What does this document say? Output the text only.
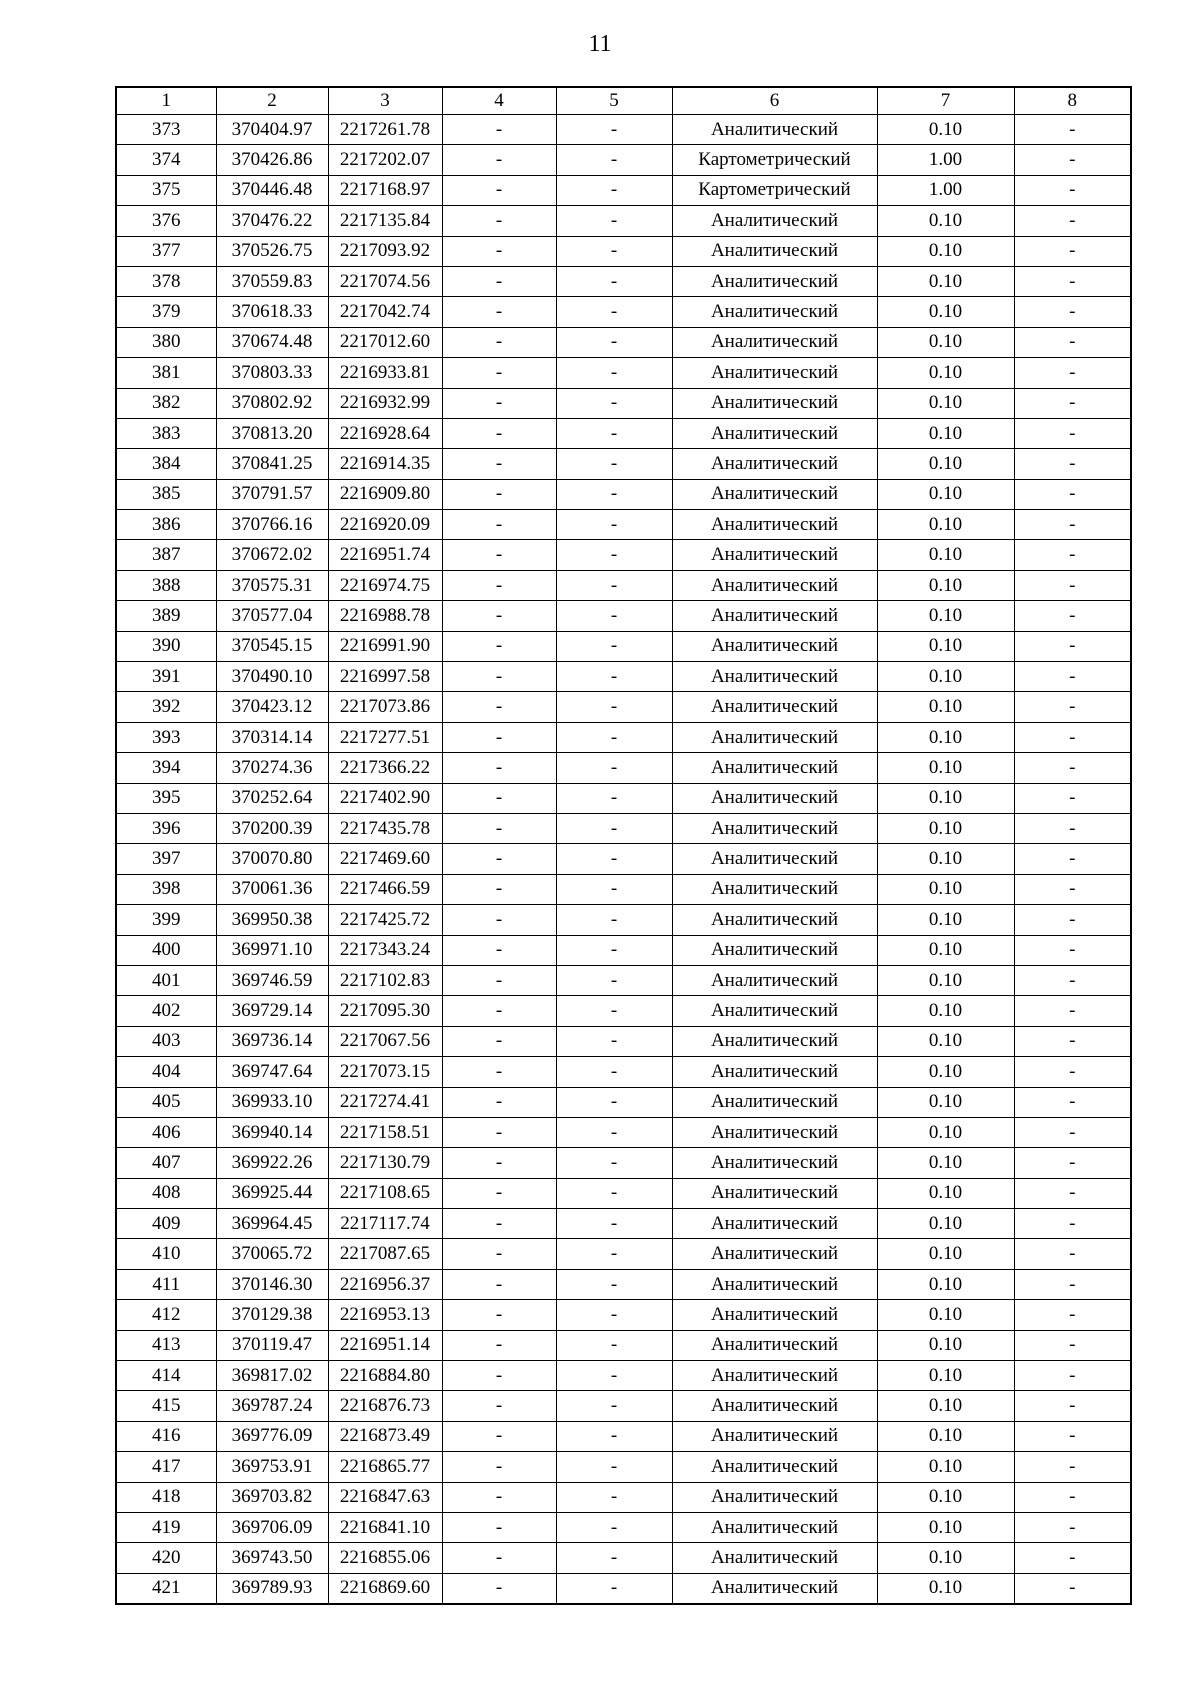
11
1	2	3	4	5	6	7	8
373	370404.97	2217261.78	-	-	Аналитический	0.10	-
374	370426.86	2217202.07	-	-	Картометрический	1.00	-
375	370446.48	2217168.97	-	-	Картометрический	1.00	-
376	370476.22	2217135.84	-	-	Аналитический	0.10	-
377	370526.75	2217093.92	-	-	Аналитический	0.10	-
378	370559.83	2217074.56	-	-	Аналитический	0.10	-
379	370618.33	2217042.74	-	-	Аналитический	0.10	-
380	370674.48	2217012.60	-	-	Аналитический	0.10	-
381	370803.33	2216933.81	-	-	Аналитический	0.10	-
382	370802.92	2216932.99	-	-	Аналитический	0.10	-
383	370813.20	2216928.64	-	-	Аналитический	0.10	-
384	370841.25	2216914.35	-	-	Аналитический	0.10	-
385	370791.57	2216909.80	-	-	Аналитический	0.10	-
386	370766.16	2216920.09	-	-	Аналитический	0.10	-
387	370672.02	2216951.74	-	-	Аналитический	0.10	-
388	370575.31	2216974.75	-	-	Аналитический	0.10	-
389	370577.04	2216988.78	-	-	Аналитический	0.10	-
390	370545.15	2216991.90	-	-	Аналитический	0.10	-
391	370490.10	2216997.58	-	-	Аналитический	0.10	-
392	370423.12	2217073.86	-	-	Аналитический	0.10	-
393	370314.14	2217277.51	-	-	Аналитический	0.10	-
394	370274.36	2217366.22	-	-	Аналитический	0.10	-
395	370252.64	2217402.90	-	-	Аналитический	0.10	-
396	370200.39	2217435.78	-	-	Аналитический	0.10	-
397	370070.80	2217469.60	-	-	Аналитический	0.10	-
398	370061.36	2217466.59	-	-	Аналитический	0.10	-
399	369950.38	2217425.72	-	-	Аналитический	0.10	-
400	369971.10	2217343.24	-	-	Аналитический	0.10	-
401	369746.59	2217102.83	-	-	Аналитический	0.10	-
402	369729.14	2217095.30	-	-	Аналитический	0.10	-
403	369736.14	2217067.56	-	-	Аналитический	0.10	-
404	369747.64	2217073.15	-	-	Аналитический	0.10	-
405	369933.10	2217274.41	-	-	Аналитический	0.10	-
406	369940.14	2217158.51	-	-	Аналитический	0.10	-
407	369922.26	2217130.79	-	-	Аналитический	0.10	-
408	369925.44	2217108.65	-	-	Аналитический	0.10	-
409	369964.45	2217117.74	-	-	Аналитический	0.10	-
410	370065.72	2217087.65	-	-	Аналитический	0.10	-
411	370146.30	2216956.37	-	-	Аналитический	0.10	-
412	370129.38	2216953.13	-	-	Аналитический	0.10	-
413	370119.47	2216951.14	-	-	Аналитический	0.10	-
414	369817.02	2216884.80	-	-	Аналитический	0.10	-
415	369787.24	2216876.73	-	-	Аналитический	0.10	-
416	369776.09	2216873.49	-	-	Аналитический	0.10	-
417	369753.91	2216865.77	-	-	Аналитический	0.10	-
418	369703.82	2216847.63	-	-	Аналитический	0.10	-
419	369706.09	2216841.10	-	-	Аналитический	0.10	-
420	369743.50	2216855.06	-	-	Аналитический	0.10	-
421	369789.93	2216869.60	-	-	Аналитический	0.10	-
